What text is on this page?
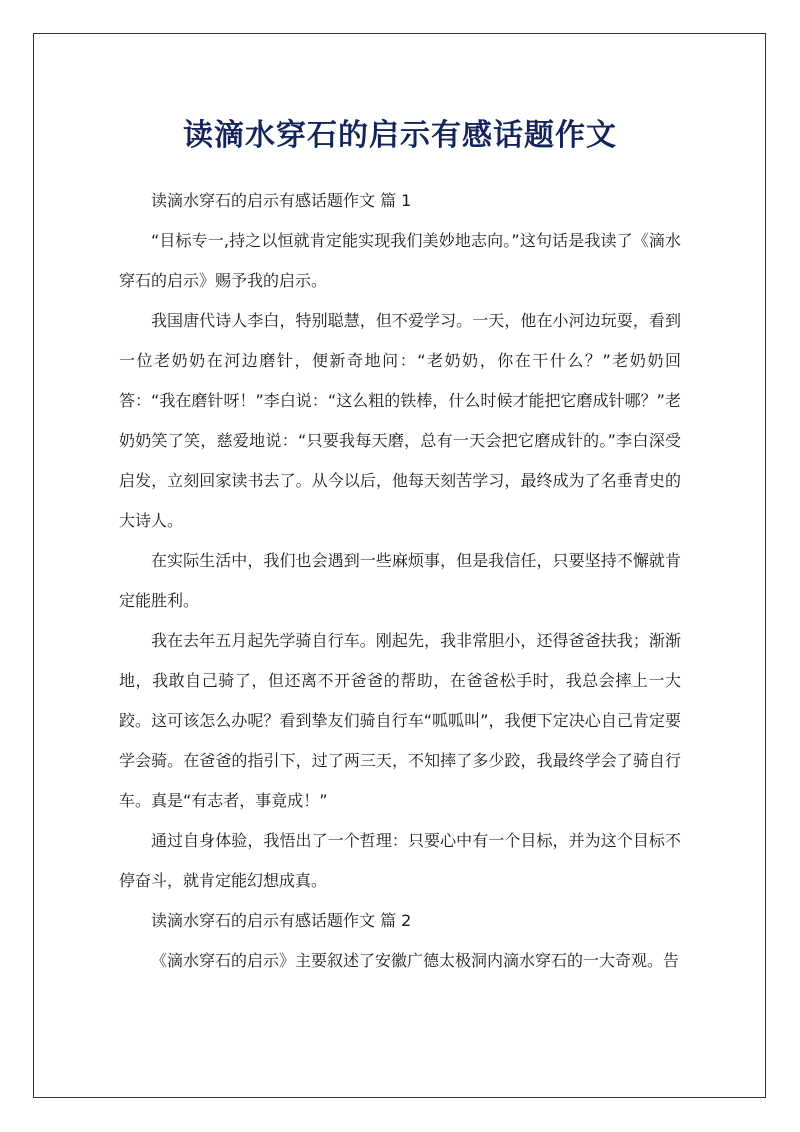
读滴水穿石的启示有感话题作文

读滴水穿石的启示有感话题作文 篇 1

“目标专一,持之以恒就肯定能实现我们美妙地志向。”这句话是我读了《滴水穿石的启示》赐予我的启示。

我国唐代诗人李白，特别聪慧，但不爱学习。一天，他在小河边玩耍，看到一位老奶奶在河边磨针，便新奇地问：“老奶奶，你在干什么？”老奶奶回答：“我在磨针呀！”李白说：“这么粗的铁棒，什么时候才能把它磨成针哪？”老奶奶笑了笑，慈爱地说：“只要我每天磨，总有一天会把它磨成针的。”李白深受启发，立刻回家读书去了。从今以后，他每天刻苦学习，最终成为了名垂青史的大诗人。

在实际生活中，我们也会遇到一些麻烦事，但是我信任，只要坚持不懈就肯定能胜利。

我在去年五月起先学骑自行车。刚起先，我非常胆小，还得爸爸扶我；渐渐地，我敢自己骑了，但还离不开爸爸的帮助，在爸爸松手时，我总会摔上一大跤。这可该怎么办呢？看到挚友们骑自行车“呱呱叫”，我便下定决心自己肯定要学会骑。在爸爸的指引下，过了两三天，不知摔了多少跤，我最终学会了骑自行车。真是“有志者，事竟成！”

通过自身体验，我悟出了一个哲理：只要心中有一个目标，并为这个目标不停奋斗，就肯定能幻想成真。

读滴水穿石的启示有感话题作文 篇 2

《滴水穿石的启示》主要叙述了安徽广德太极洞内滴水穿石的一大奇观。告
